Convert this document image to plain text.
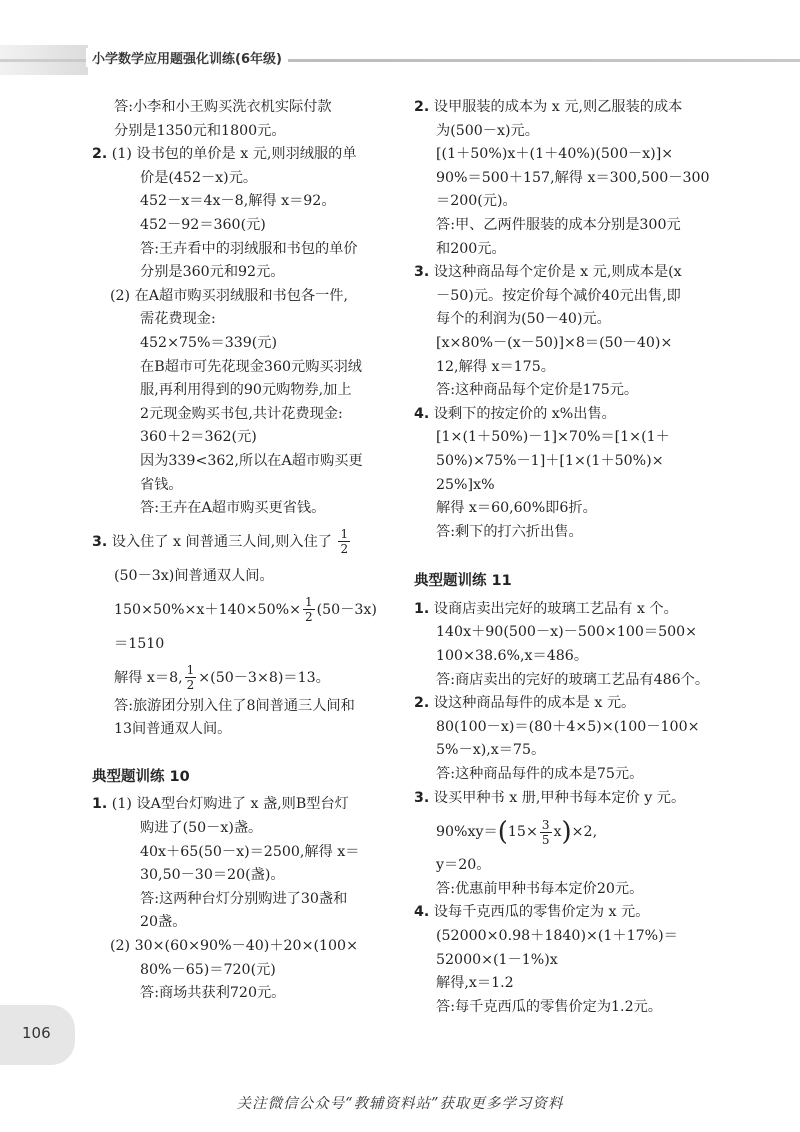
小学数学应用题强化训练(6年级)
答:小李和小王购买洗衣机实际付款
分别是1350元和1800元。
2. (1) 设书包的单价是 x 元,则羽绒服的单
价是(452－x)元。
452－x＝4x－8,解得 x＝92。
452－92＝360(元)
答:王卉看中的羽绒服和书包的单价
分别是360元和92元。
(2) 在A超市购买羽绒服和书包各一件,
需花费现金:
452×75%＝339(元)
在B超市可先花现金360元购买羽绒
服,再利用得到的90元购物券,加上
2元现金购买书包,共计花费现金:
360＋2＝362(元)
因为339<362,所以在A超市购买更
省钱。
答:王卉在A超市购买更省钱。
3. 设入住了 x 间普通三人间,则入住了 $\frac{1}{2}$
(50－3x)间普通双人间。
$150\times 50\%\times x+140\times 50\%\times \frac{1}{2} (50-3x)$
＝1510
解得 x＝8, $\frac{1}{2} \times(50-3\times 8)=13$。
答:旅游团分别入住了8间普通三人间和
13间普通双人间。
典型题训练 10
1. (1) 设A型台灯购进了 x 盏,则B型台灯
购进了(50－x)盏。
40x＋65(50－x)＝2500,解得 x＝
30,50－30＝20(盏)。
答:这两种台灯分别购进了30盏和
20盏。
(2) 30×(60×90%－40)＋20×(100×
80%－65)＝720(元)
答:商场共获利720元。
2. 设甲服装的成本为 x 元,则乙服装的成本
为(500－x)元。
[(1＋50%)x＋(1＋40%)(500－x)]×
90%＝500＋157,解得 x＝300,500－300
＝200(元)。
答:甲、乙两件服装的成本分别是300元
和200元。
3. 设这种商品每个定价是 x 元,则成本是(x
－50)元。按定价每个减价40元出售,即
每个的利润为(50－40)元。
[x×80%－(x－50)]×8＝(50－40)×
12,解得 x＝175。
答:这种商品每个定价是175元。
4. 设剩下的按定价的 x%出售。
[1×(1＋50%)－1]×70%＝[1×(1＋
50%)×75%－1]＋[1×(1＋50%)×
25%]x%
解得 x＝60,60%即6折。
答:剩下的打六折出售。
典型题训练 11
1. 设商店卖出完好的玻璃工艺品有 x 个。
140x＋90(500－x)－500×100＝500×
100×38.6%,x＝486。
答:商店卖出的完好的玻璃工艺品有486个。
2. 设这种商品每件的成本是 x 元。
80(100－x)＝(80＋4×5)×(100－100×
5%－x),x＝75。
答:这种商品每件的成本是75元。
3. 设买甲种书 x 册,甲种书每本定价 y 元。
$90\%xy=(15\times \frac{3}{5} x)\times 2$,
y＝20。
答:优惠前甲种书每本定价20元。
4. 设每千克西瓜的零售价定为 x 元。
(52000×0.98＋1840)×(1＋17%)＝
52000×(1－1%)x
解得,x＝1.2
答:每千克西瓜的零售价定为1.2元。
106
关注微信公众号“教辅资料站”获取更多学习资料
